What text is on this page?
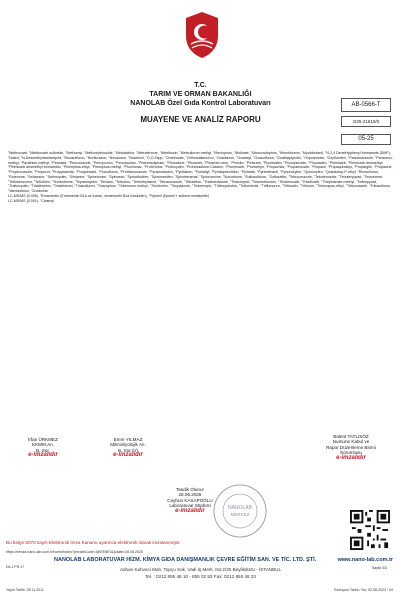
T.C.
TARIM VE ORMAN BAKANLIĞI
NANOLAB Özel Gıda Kontrol Laboratuvarı
MUAYENE VE ANALİZ RAPORU
AB-0566-T
G25-21610/0
05-25

"Methiocarb, "Methiocarb sulfoxide, "Methomyl, "Methoxyfenozide, "Metolachlor, "Metrafenone, "Metribuzin, "Metsulfuron methyl, "Mevinphos, "Molinate, "Monocrotophos, "Monolinuron, "Myclobutanil, "N-2,4 Dimethylphenyl formamide (DMF), "Naled, "N-Desmethylacetamiprid, "Nicosulfuron, "Norflurazon, "Novaluron, "Nuarimol, "O,O-Tapp, "Omethoate, "Orthosulfamuron, "Oxadiazon, "Oxadixyl, "Oxasulfuron, "Oxathiapiprolin, "Oxycarboxin, "Oxyfluorfen, "Paclobutrazole, "Paraoxon-methyl, "Parathion-methyl, "Pebulate, "Penconazole, "Pencycuron, "Penoxsulam, "Phenmedipham, "Phosalone, "Phosmet, "Phosmet oxon, "Phoxim, "Picloram, "Picolinafen, "Picoxystrobin, "Pinoxaden, "Pirimicarb, "Pirimicarb desmethyl, "Pirimicarb desmethyl formamido, "Pirimiphos-ethyl, "Pirimiphos-methyl, "Prochloraz, "Profenofos, "Profoxydim, "Prohexadione-Calcium, "Promecarb, "Prometryn, "Propachlor, "Propamocarb, "Propanil, "Propaquizafop, "Propargite, "Propazine, "Propiconazole, "Propoxur, "Propyzamide, "Proquinazid, "Prosulfuron, "Prothioconazole, "Pyraclostrobin, "Pyridaben, "Pyridalyl, "Pyridaphenthion, "Pyridate, "Pyrimethanil, "Pyriproxyfen, "Quinoxyfen, "Quizalofop-P-ethyl, "Rimsulfuron, "Rotenone, "Sedaxane, "Sethoxydim, "Simazine, "Spinetoram, "Spinosad, "Spirodiclofen, "Spiromesifen, "Spirotetramat, "Spiroxamine, "Sulcotrione, "Sulfosulfuron, "Sulfoxaflor, "Tebuconazole, "Tebufenozide, "Tebufenpyrad, "Tecnazene, "Teflubenzuron, "Tefluthrin, "Tembotrione, "Tepraloxydim, "Terbacil, "Terbufos, "Terbuthylazine, "Tetraconazole, "Tetradifon, "Thiabendazole, "Thiacloprid, "Thiamethoxam, "Thiobencarb, "Thiodicarb, "Thiophanate-methyl, "Tolfenpyrad, "Tralkoxydim, "Triadimefon, "Triadimenol, "Triasulfuron, "Triazophos, "Tribenuron methyl, "Trichlorfon, "Tricyclazole, "Tridemorph, "Trifloxystrobin, "Triflumizole, "Triflumuron, "Trifluralin, "Triforine, "Trinexapac-ethyl, "Triticonazole, "Tritosulfuron, "Vamidothion, "Zoxamide

LC-MS/MS (0.005): "Emamectin (Emamectin B1a ve tuzları, emamectin B1a cinsinden), "Fipronil (fipronil + sulfone metabolite)

LC-MS/MS (0.001): "Cixamyl

İrfan ÜRKMEZ
KKMM.An.
B. Sor.
e-imzalıdır
Emre YILMAZ
Mikrobiyolojik An.
B. Sor.(V)
e-imzalıdır
Bülent TATLISÖZ
Numune Kabul ve
Rapor Düzenleme Birimi Sorumlusu
e-imzalıdır
Tasdik Olunur
28.05.2025
Ceyhun KASAPOĞLU
Laboratuvar Müdürü
e-imzalıdır	NANOLAB
MERKEZ
Bu belge 5070 sayılı Elektronik İmza Kanunu uyarınca elektronik olarak imzalanmıştır.
https://eimza.nano-lab.com.tr/home/Index?privateCode=AEEE8E51&date=28.05.2025
NANOLAB LABORATUVAR HİZM. KİMYA GIDA DANIŞMANLIK ÇEVRE EĞİTİM SAN. VE TİC. LTD. ŞTİ.	www.nano-lab.com.tr
Dk.1.FR.17	Sayfa 3/3
Adnan Kahveci Mah. Topçu Sok. Vadi İş Merk. No:2/25 Beylikdüzü - İSTANBUL
Tel. : 0212 855 48 10 - 855 02 53 Fax: 0212 855 48 33
Yayın Tarihi: 28.11.2011	Revizyon Tarihi / No: 02.06.2023 / 04
